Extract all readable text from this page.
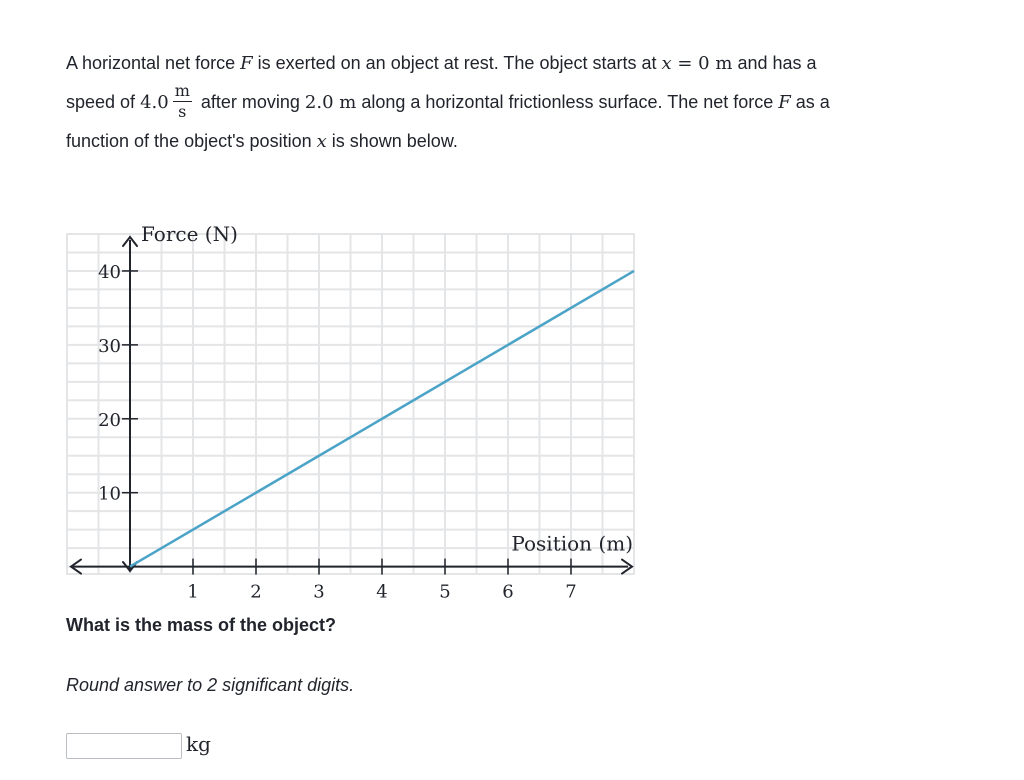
A horizontal net force F is exerted on an object at rest. The object starts at x = 0 m and has a
speed of $4.0 \frac{m}{s}$ after moving 2.0 m along a horizontal frictionless surface. The net force F as a
function of the object's position x is shown below.
1	2	3	4	5	6	7
10
20
30
40
Force (N)
Position (m)
What is the mass of the object?
Round answer to 2 significant digits.
kg
